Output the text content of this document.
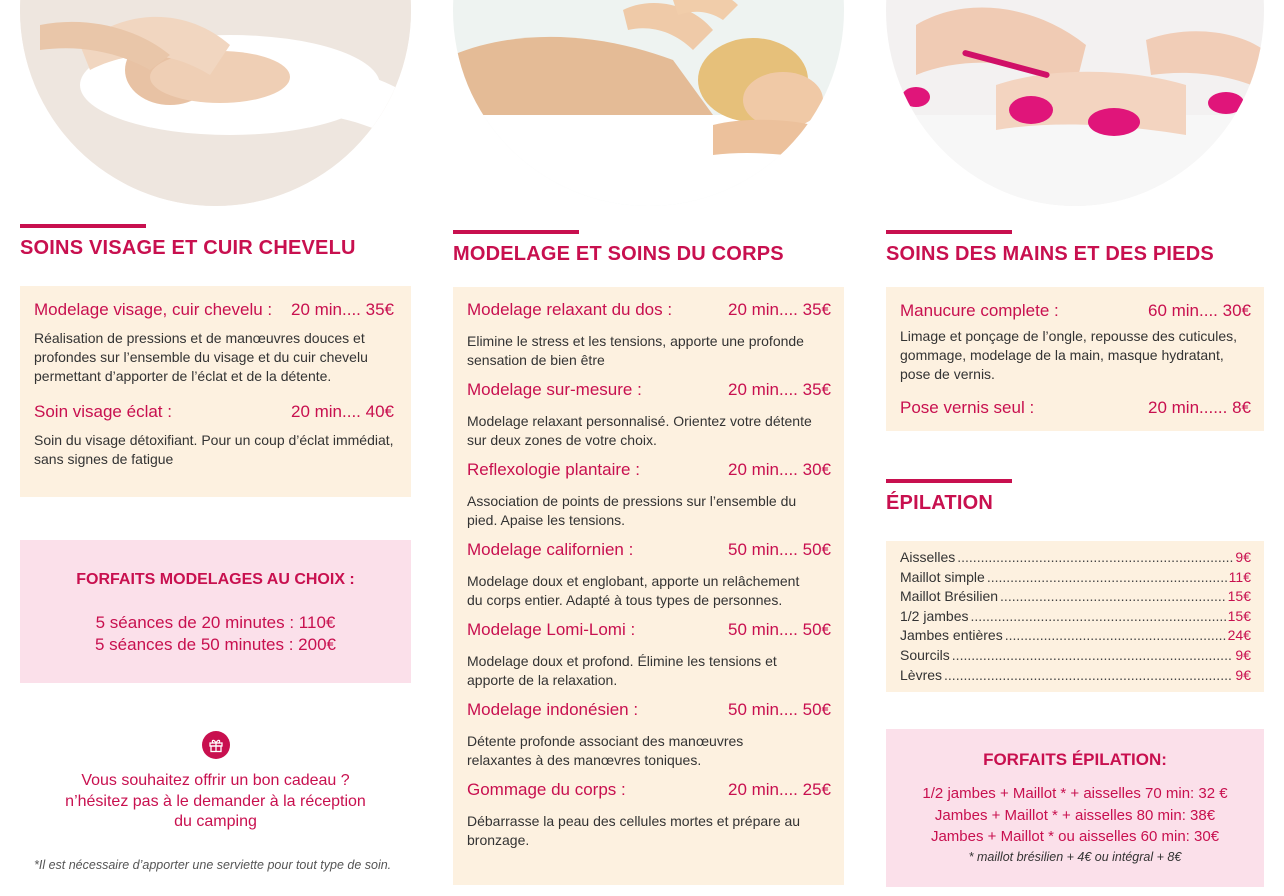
SOINS VISAGE ET CUIR CHEVELU
Modelage visage, cuir chevelu : 20 min.... 35€
Réalisation de pressions et de manœuvres douces et profondes sur l’ensemble du visage et du cuir chevelu permettant d’apporter de l’éclat et de la détente.
Soin visage éclat :	20 min.... 40€
Soin du visage détoxifiant. Pour un coup d’éclat immédiat, sans signes de fatigue
FORFAITS MODELAGES AU CHOIX :
5 séances de 20 minutes : 110€
5 séances de 50 minutes : 200€
Vous souhaitez offrir un bon cadeau ?
n’hésitez pas à le demander à la réception
du camping
*Il est nécessaire d’apporter une serviette pour tout type de soin.
MODELAGE ET SOINS DU CORPS
Modelage relaxant du dos :	20 min.... 35€
Elimine le stress et les tensions, apporte une profonde sensation de bien être
Modelage sur-mesure :	20 min.... 35€
Modelage relaxant personnalisé. Orientez votre détente sur deux zones de votre choix.
Reflexologie plantaire :	20 min.... 30€
Association de points de pressions sur l’ensemble du pied. Apaise les tensions.
Modelage californien :	50 min.... 50€
Modelage doux et englobant, apporte un relâchement du corps entier. Adapté à tous types de personnes.
Modelage Lomi-Lomi :	50 min.... 50€
Modelage doux et profond. Élimine les tensions et apporte de la relaxation.
Modelage indonésien :	50 min.... 50€
Détente profonde associant des manœuvres relaxantes à des manœvres toniques.
Gommage du corps :	20 min.... 25€
Débarrasse la peau des cellules mortes et prépare au bronzage.
SOINS DES MAINS ET DES PIEDS
Manucure complete :	60 min.... 30€
Limage et ponçage de l’ongle, repousse des cuticules, gommage, modelage de la main, masque hydratant, pose de vernis.
Pose vernis seul :	20 min...... 8€
ÉPILATION
Aisselles .....	9€
Maillot simple .....	11€
Maillot Brésilien .....	15€
1/2 jambes .....	15€
Jambes entières .....	24€
Sourcils .....	9€
Lèvres .....	9€
FORFAITS ÉPILATION:
1/2 jambes + Maillot * + aisselles 70 min: 32 €
Jambes + Maillot * + aisselles 80 min: 38€
Jambes + Maillot * ou aisselles 60 min: 30€
* maillot brésilien + 4€ ou intégral + 8€
